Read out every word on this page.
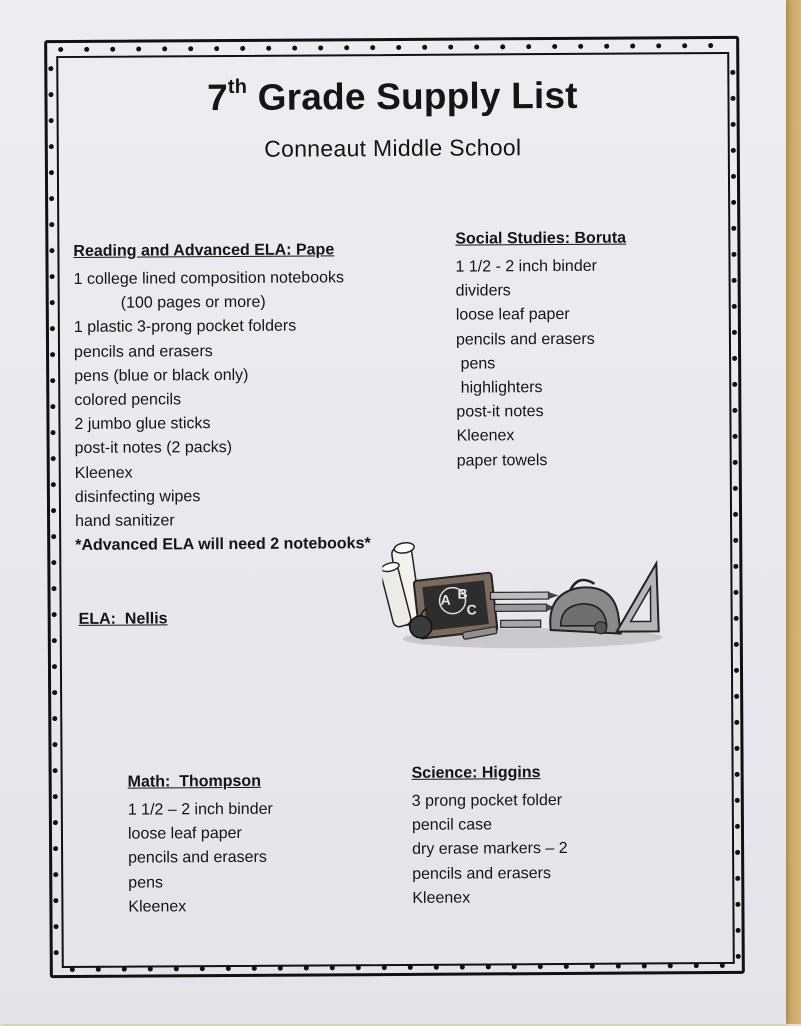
7th Grade Supply List
Conneaut Middle School
Reading and Advanced ELA: Pape
1 college lined composition notebooks
(100 pages or more)
1 plastic 3-prong pocket folders
pencils and erasers
pens (blue or black only)
colored pencils
2 jumbo glue sticks
post-it notes (2 packs)
Kleenex
disinfecting wipes
hand sanitizer
*Advanced ELA will need 2 notebooks*
Social Studies: Boruta
1 1/2 - 2 inch binder
dividers
loose leaf paper
pencils and erasers
pens
highlighters
post-it notes
Kleenex
paper towels
ELA:  Nellis
Math:  Thompson
1 1/2 – 2 inch binder
loose leaf paper
pencils and erasers
pens
Kleenex
Science: Higgins
3 prong pocket folder
pencil case
dry erase markers – 2
pencils and erasers
Kleenex
A B
C
